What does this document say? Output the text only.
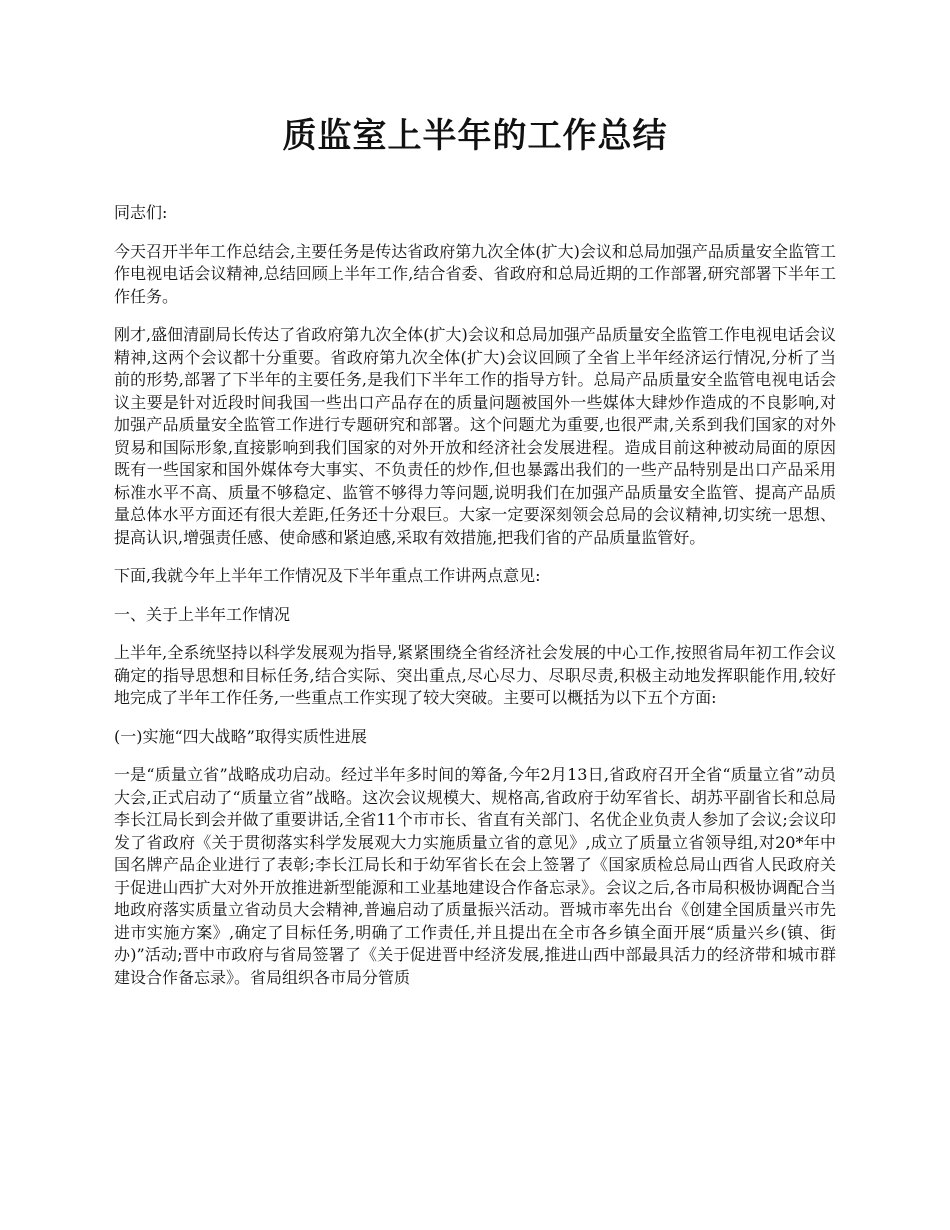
质监室上半年的工作总结

同志们:

今天召开半年工作总结会,主要任务是传达省政府第九次全体(扩大)会议和总局加强产品质量安全监管工作电视电话会议精神,总结回顾上半年工作,结合省委、省政府和总局近期的工作部署,研究部署下半年工作任务。

刚才,盛佃清副局长传达了省政府第九次全体(扩大)会议和总局加强产品质量安全监管工作电视电话会议精神,这两个会议都十分重要。省政府第九次全体(扩大)会议回顾了全省上半年经济运行情况,分析了当前的形势,部署了下半年的主要任务,是我们下半年工作的指导方针。总局产品质量安全监管电视电话会议主要是针对近段时间我国一些出口产品存在的质量问题被国外一些媒体大肆炒作造成的不良影响,对加强产品质量安全监管工作进行专题研究和部署。这个问题尤为重要,也很严肃,关系到我们国家的对外贸易和国际形象,直接影响到我们国家的对外开放和经济社会发展进程。造成目前这种被动局面的原因既有一些国家和国外媒体夸大事实、不负责任的炒作,但也暴露出我们的一些产品特别是出口产品采用标准水平不高、质量不够稳定、监管不够得力等问题,说明我们在加强产品质量安全监管、提高产品质量总体水平方面还有很大差距,任务还十分艰巨。大家一定要深刻领会总局的会议精神,切实统一思想、提高认识,增强责任感、使命感和紧迫感,采取有效措施,把我们省的产品质量监管好。

下面,我就今年上半年工作情况及下半年重点工作讲两点意见:

一、关于上半年工作情况

上半年,全系统坚持以科学发展观为指导,紧紧围绕全省经济社会发展的中心工作,按照省局年初工作会议确定的指导思想和目标任务,结合实际、突出重点,尽心尽力、尽职尽责,积极主动地发挥职能作用,较好地完成了半年工作任务,一些重点工作实现了较大突破。主要可以概括为以下五个方面:

(一)实施“四大战略”取得实质性进展

一是“质量立省”战略成功启动。经过半年多时间的筹备,今年2月13日,省政府召开全省“质量立省”动员大会,正式启动了“质量立省”战略。这次会议规模大、规格高,省政府于幼军省长、胡苏平副省长和总局李长江局长到会并做了重要讲话,全省11个市市长、省直有关部门、名优企业负责人参加了会议;会议印发了省政府《关于贯彻落实科学发展观大力实施质量立省的意见》,成立了质量立省领导组,对20*年中国名牌产品企业进行了表彰;李长江局长和于幼军省长在会上签署了《国家质检总局山西省人民政府关于促进山西扩大对外开放推进新型能源和工业基地建设合作备忘录》。会议之后,各市局积极协调配合当地政府落实质量立省动员大会精神,普遍启动了质量振兴活动。晋城市率先出台《创建全国质量兴市先进市实施方案》,确定了目标任务,明确了工作责任,并且提出在全市各乡镇全面开展“质量兴乡(镇、街办)”活动;晋中市政府与省局签署了《关于促进晋中经济发展,推进山西中部最具活力的经济带和城市群建设合作备忘录》。省局组织各市局分管质
